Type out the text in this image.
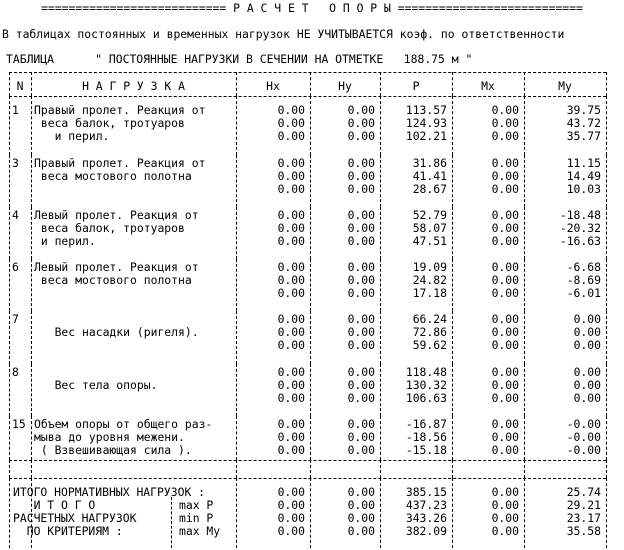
=========================== Р А С Ч Е Т   О П О Р Ы ===========================
В таблицах постоянных и временных нагрузок НЕ УЧИТЫВАЕТСЯ коэф. по ответственности
ТАБЛИЦА      " ПОСТОЯННЫЕ НАГРУЗКИ В СЕЧЕНИИ НА ОТМЕТКЕ   188.75 м "
N	Н А Г Р У З К А	Hx	Hy	P	Mx	My
1 Правый пролет. Реакция от	0.00	0.00	113.57	0.00	39.75
веса балок, тротуаров	0.00	0.00	124.93	0.00	43.72
и перил.	0.00	0.00	102.21	0.00	35.77
3 Правый пролет. Реакция от	0.00	0.00	31.86	0.00	11.15
веса мостового полотна	0.00	0.00	41.41	0.00	14.49
0.00	0.00	28.67	0.00	10.03
4 Левый пролет. Реакция от	0.00	0.00	52.79	0.00	-18.48
веса балок, тротуаров	0.00	0.00	58.07	0.00	-20.32
и перил.	0.00	0.00	47.51	0.00	-16.63
6 Левый пролет. Реакция от	0.00	0.00	19.09	0.00	-6.68
веса мостового полотна	0.00	0.00	24.82	0.00	-8.69
0.00	0.00	17.18	0.00	-6.01
7	0.00	0.00	66.24	0.00	0.00
Вес насадки (ригеля).	0.00	0.00	72.86	0.00	0.00
0.00	0.00	59.62	0.00	0.00
8	0.00	0.00	118.48	0.00	0.00
Вес тела опоры.	0.00	0.00	130.32	0.00	0.00
0.00	0.00	106.63	0.00	0.00
15 Объем опоры от общего раз-	0.00	0.00	-16.87	0.00	-0.00
мыва до уровня межени.	0.00	0.00	-18.56	0.00	-0.00
( Взвешивающая сила ).	0.00	0.00	-15.18	0.00	-0.00
ИТОГО НОРМАТИВНЫХ НАГРУЗОК :	0.00	0.00	385.15	0.00	25.74
И Т О Г О	max P	0.00	0.00	437.23	0.00	29.21
РАСЧЕТНЫХ НАГРУЗОК	min P	0.00	0.00	343.26	0.00	23.17
ПО КРИТЕРИЯМ :	max My	0.00	0.00	382.09	0.00	35.58
